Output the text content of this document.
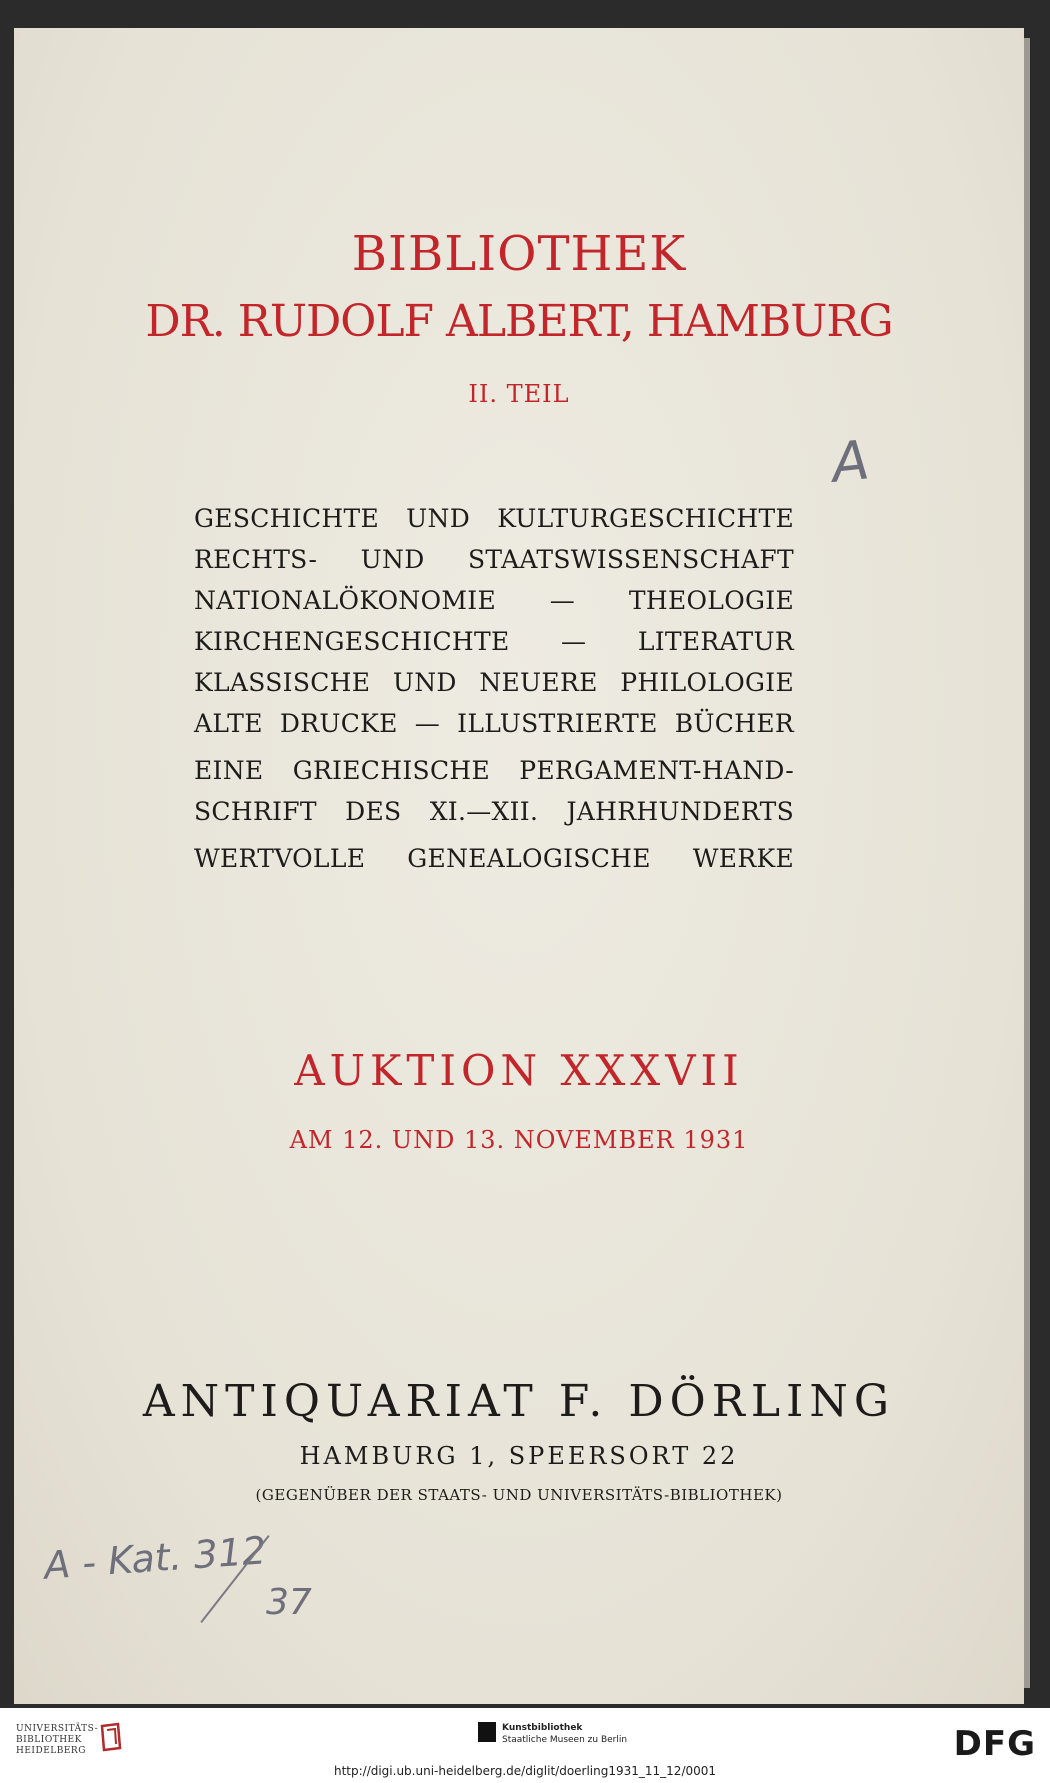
BIBLIOTHEK
DR. RUDOLF ALBERT, HAMBURG
II. TEIL
GESCHICHTE UND KULTURGESCHICHTE
RECHTS- UND STAATSWISSENSCHAFT
NATIONALÖKONOMIE — THEOLOGIE
KIRCHENGESCHICHTE — LITERATUR
KLASSISCHE UND NEUERE PHILOLOGIE
ALTE DRUCKE — ILLUSTRIERTE BÜCHER
EINE GRIECHISCHE PERGAMENT-HAND-
SCHRIFT DES XI.—XII. JAHRHUNDERTS
WERTVOLLE GENEALOGISCHE WERKE
AUKTION XXXVII
AM 12. UND 13. NOVEMBER 1931
ANTIQUARIAT F. DÖRLING
HAMBURG 1, SPEERSORT 22
(GEGENÜBER DER STAATS- UND UNIVERSITÄTS-BIBLIOTHEK)
A
A - Kat. 312
37
UNIVERSITÄTS-
BIBLIOTHEK
HEIDELBERG
Kunstbibliothek
Staatliche Museen zu Berlin	DFG
http://digi.ub.uni-heidelberg.de/diglit/doerling1931_11_12/0001
